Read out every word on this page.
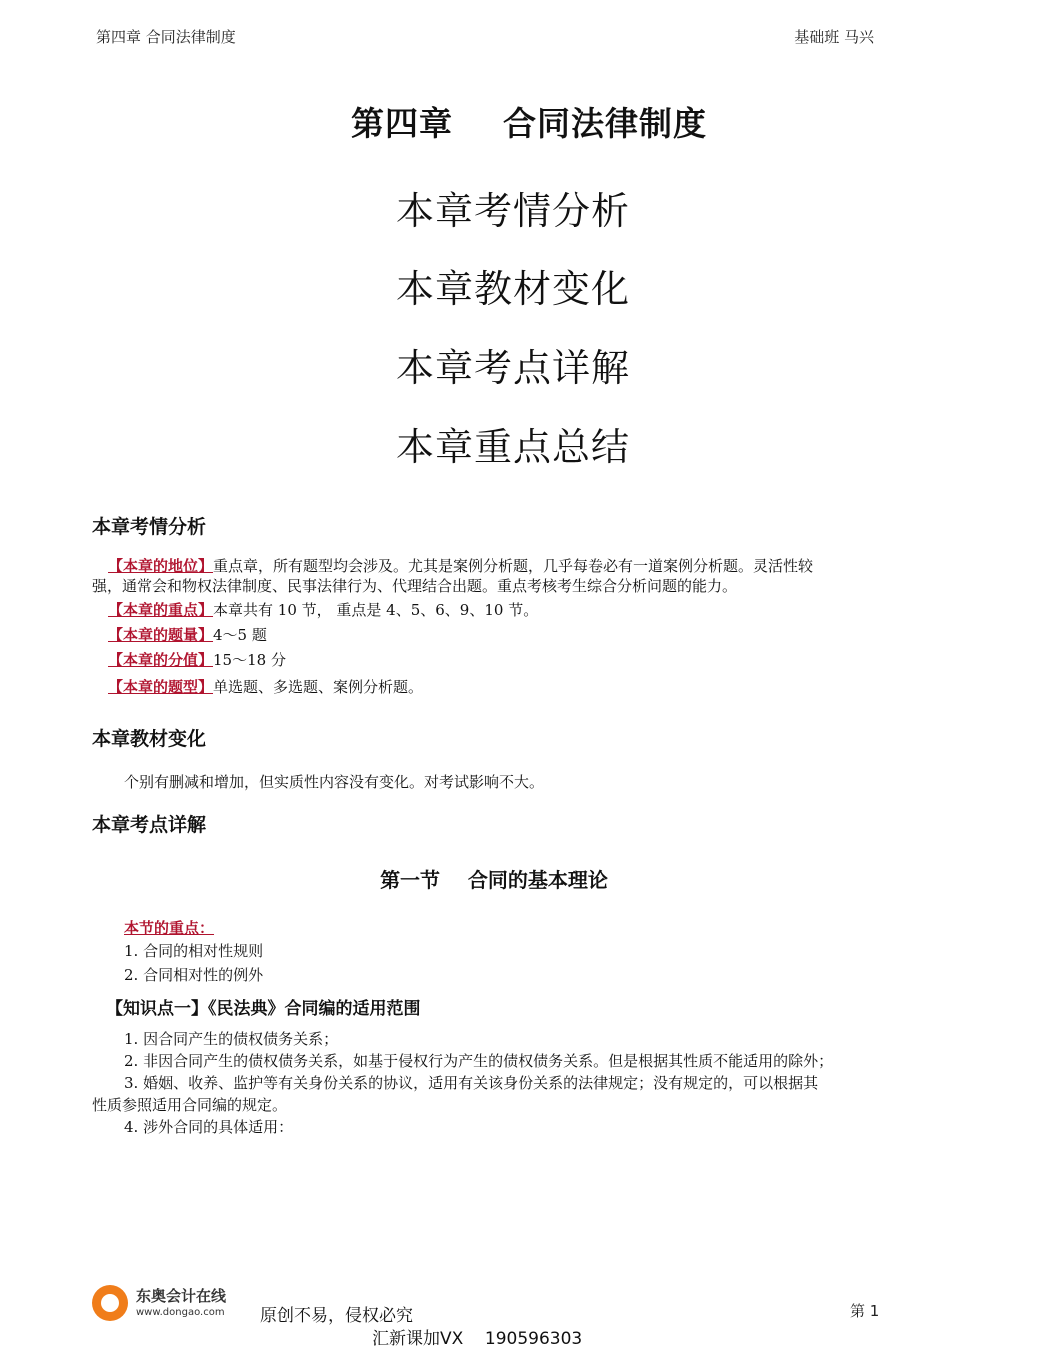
第四章 合同法律制度	基础班 马兴
第四章    合同法律制度
本章考情分析
本章教材变化
本章考点详解
本章重点总结
本章考情分析
【本章的地位】重点章，所有题型均会涉及。尤其是案例分析题，几乎每卷必有一道案例分析题。灵活性较
强，通常会和物权法律制度、民事法律行为、代理结合出题。重点考核考生综合分析问题的能力。
【本章的重点】本章共有 10 节， 重点是 4、5、6、9、10 节。
【本章的题量】4～5 题
【本章的分值】15～18 分
【本章的题型】单选题、多选题、案例分析题。
本章教材变化
个别有删减和增加，但实质性内容没有变化。对考试影响不大。
本章考点详解
第一节    合同的基本理论
本节的重点：
1. 合同的相对性规则
2. 合同相对性的例外
【知识点一】《民法典》合同编的适用范围
1. 因合同产生的债权债务关系；
2. 非因合同产生的债权债务关系，如基于侵权行为产生的债权债务关系。但是根据其性质不能适用的除外；
3. 婚姻、收养、监护等有关身份关系的协议，适用有关该身份关系的法律规定；没有规定的，可以根据其
性质参照适用合同编的规定。
4. 涉外合同的具体适用：
东奥会计在线
www.dongao.com 原创不易，侵权必究
汇新课加VX    190596303
第 1
